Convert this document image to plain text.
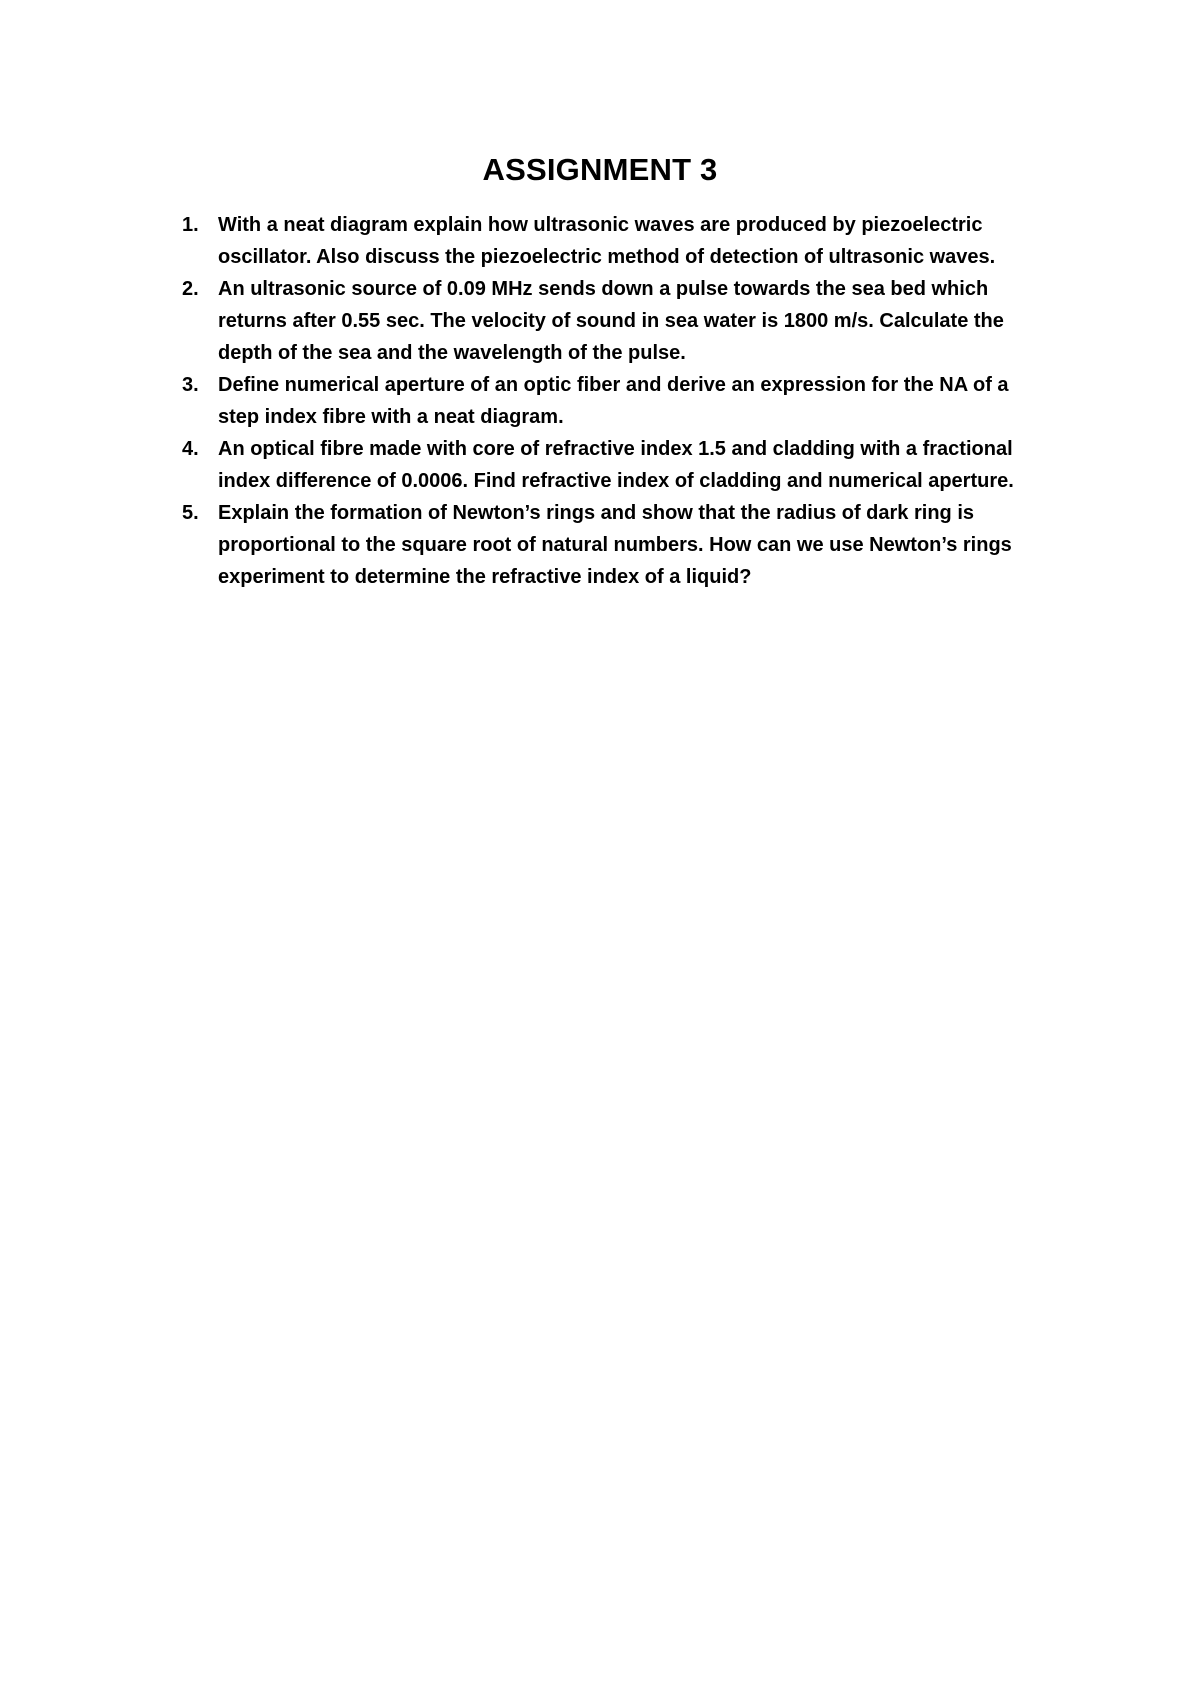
ASSIGNMENT 3
1. With a neat diagram explain how ultrasonic waves are produced by piezoelectric
oscillator. Also discuss the piezoelectric method of detection of ultrasonic waves.
2. An ultrasonic source of 0.09 MHz sends down a pulse towards the sea bed which
returns after 0.55 sec. The velocity of sound in sea water is 1800 m/s. Calculate the
depth of the sea and the wavelength of the pulse.
3. Define numerical aperture of an optic fiber and derive an expression for the NA of a
step index fibre with a neat diagram.
4. An optical fibre made with core of refractive index 1.5 and cladding with a fractional
index difference of 0.0006. Find refractive index of cladding and numerical aperture.
5. Explain the formation of Newton’s rings and show that the radius of dark ring is
proportional to the square root of natural numbers. How can we use Newton’s rings
experiment to determine the refractive index of a liquid?
